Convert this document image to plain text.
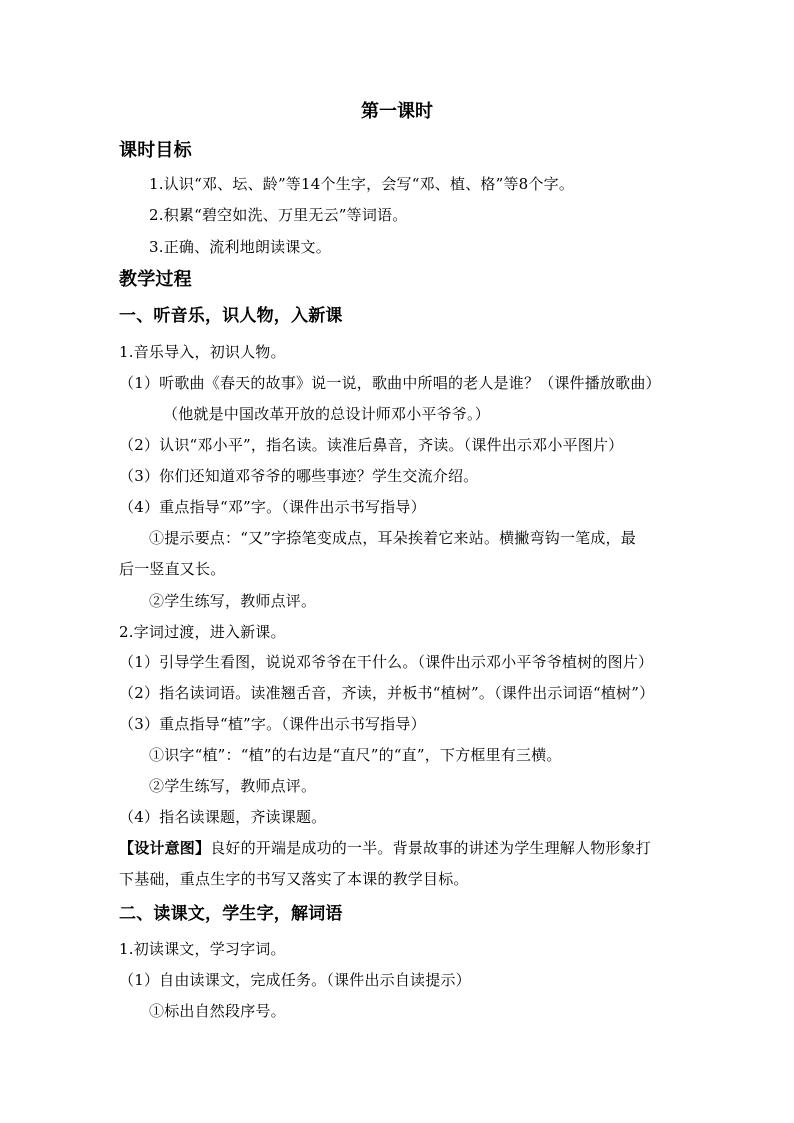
第一课时
课时目标
1.认识“邓、坛、龄”等14个生字，会写“邓、植、格”等8个字。
2.积累“碧空如洗、万里无云”等词语。
3.正确、流利地朗读课文。
教学过程
一、听音乐，识人物，入新课
1.音乐导入，初识人物。
（1）听歌曲《春天的故事》说一说，歌曲中所唱的老人是谁？（课件播放歌曲）
（他就是中国改革开放的总设计师邓小平爷爷。）
（2）认识“邓小平”，指名读。读准后鼻音，齐读。（课件出示邓小平图片）
（3）你们还知道邓爷爷的哪些事迹？学生交流介绍。
（4）重点指导“邓”字。（课件出示书写指导）
①提示要点：“又”字捺笔变成点，耳朵挨着它来站。横撇弯钩一笔成，最
后一竖直又长。
②学生练写，教师点评。
2.字词过渡，进入新课。
（1）引导学生看图，说说邓爷爷在干什么。（课件出示邓小平爷爷植树的图片）
（2）指名读词语。读准翘舌音，齐读，并板书“植树”。（课件出示词语“植树”）
（3）重点指导“植”字。（课件出示书写指导）
①识字“植”：“植”的右边是“直尺”的“直”，下方框里有三横。
②学生练写，教师点评。
（4）指名读课题，齐读课题。
【设计意图】良好的开端是成功的一半。背景故事的讲述为学生理解人物形象打
下基础，重点生字的书写又落实了本课的教学目标。
二、读课文，学生字，解词语
1.初读课文，学习字词。
（1）自由读课文，完成任务。（课件出示自读提示）
①标出自然段序号。
